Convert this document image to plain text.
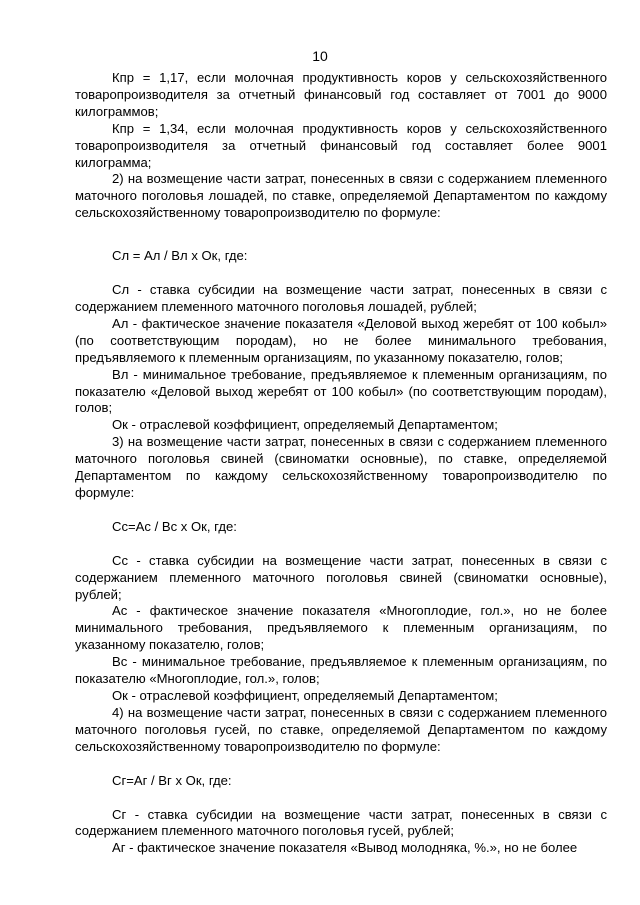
10

Кпр = 1,17, если молочная продуктивность коров у сельскохозяйственного товаропроизводителя за отчетный финансовый год составляет от 7001 до 9000 килограммов;

Кпр = 1,34, если молочная продуктивность коров у сельскохозяйственного товаропроизводителя за отчетный финансовый год составляет более 9001 килограмма;

2) на возмещение части затрат, понесенных в связи с содержанием племенного маточного поголовья лошадей, по ставке, определяемой Департаментом по каждому сельскохозяйственному товаропроизводителю по формуле:

Сл = Ал / Вл х Ок, где:

Сл - ставка субсидии на возмещение части затрат, понесенных в связи с содержанием племенного маточного поголовья лошадей, рублей;

Ал - фактическое значение показателя «Деловой выход жеребят от 100 кобыл» (по соответствующим породам), но не более минимального требования, предъявляемого к племенным организациям, по указанному показателю, голов;

Вл - минимальное требование, предъявляемое к племенным организациям, по показателю «Деловой выход жеребят от 100 кобыл» (по соответствующим породам), голов;

Ок - отраслевой коэффициент, определяемый Департаментом;

3) на возмещение части затрат, понесенных в связи с содержанием племенного маточного поголовья свиней (свиноматки основные), по ставке, определяемой Департаментом по каждому сельскохозяйственному товаропроизводителю по формуле:

Сс=Ас / Вс х Ок, где:

Сс - ставка субсидии на возмещение части затрат, понесенных в связи с содержанием племенного маточного поголовья свиней (свиноматки основные), рублей;

Ас - фактическое значение показателя «Многоплодие, гол.», но не более минимального требования, предъявляемого к племенным организациям, по указанному показателю, голов;

Вс - минимальное требование, предъявляемое к племенным организациям, по показателю «Многоплодие, гол.», голов;

Ок - отраслевой коэффициент, определяемый Департаментом;

4) на возмещение части затрат, понесенных в связи с содержанием племенного маточного поголовья гусей, по ставке, определяемой Департаментом по каждому сельскохозяйственному товаропроизводителю по формуле:

Сг=Аг / Вг х Ок, где:

Сг - ставка субсидии на возмещение части затрат, понесенных в связи с содержанием племенного маточного поголовья гусей, рублей;

Аг - фактическое значение показателя «Вывод молодняка, %.», но не более
